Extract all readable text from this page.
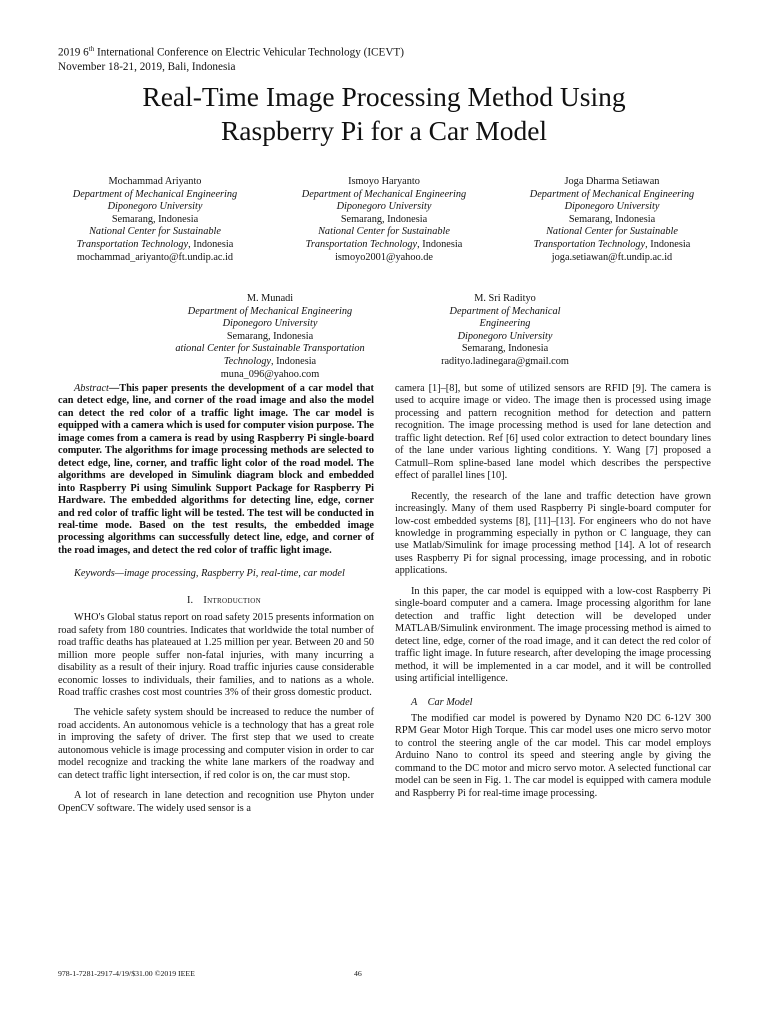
2019 6th International Conference on Electric Vehicular Technology (ICEVT)
November 18-21, 2019, Bali, Indonesia
Real-Time Image Processing Method Using
Raspberry Pi for a Car Model
Mochammad Ariyanto
Department of Mechanical Engineering
Diponegoro University
Semarang, Indonesia
National Center for Sustainable
Transportation Technology, Indonesia
mochammad_ariyanto@ft.undip.ac.id
Ismoyo Haryanto
Department of Mechanical Engineering
Diponegoro University
Semarang, Indonesia
National Center for Sustainable
Transportation Technology, Indonesia
ismoyo2001@yahoo.de
Joga Dharma Setiawan
Department of Mechanical Engineering
Diponegoro University
Semarang, Indonesia
National Center for Sustainable
Transportation Technology, Indonesia
joga.setiawan@ft.undip.ac.id
M. Munadi
Department of Mechanical Engineering
Diponegoro University
Semarang, Indonesia
ational Center for Sustainable Transportation
Technology, Indonesia
muna_096@yahoo.com
M. Sri Radityo
Department of Mechanical
Engineering
Diponegoro University
Semarang, Indonesia
radityo.ladinegara@gmail.com

Abstract—This paper presents the development of a car model that can detect edge, line, and corner of the road image and also the model can detect the red color of a traffic light image. The car model is equipped with a camera which is used for computer vision purpose. The image comes from a camera is read by using Raspberry Pi single-board computer. The algorithms for image processing methods are selected to detect edge, line, corner, and traffic light color of the road model. The algorithms are developed in Simulink diagram block and embedded into Raspberry Pi using Simulink Support Package for Raspberry Pi Hardware. The embedded algorithms for detecting line, edge, corner and red color of traffic light will be tested. The test will be conducted in real-time mode. Based on the test results, the embedded image processing algorithms can successfully detect line, edge, and corner of the road images, and detect the red color of traffic light image.

Keywords—image processing, Raspberry Pi, real-time, car model

I. Introduction

WHO's Global status report on road safety 2015 presents information on road safety from 180 countries. Indicates that worldwide the total number of road traffic deaths has plateaued at 1.25 million per year. Between 20 and 50 million more people suffer non-fatal injuries, with many incurring a disability as a result of their injury. Road traffic injuries cause considerable economic losses to individuals, their families, and to nations as a whole. Road traffic crashes cost most countries 3% of their gross domestic product.

The vehicle safety system should be increased to reduce the number of road accidents. An autonomous vehicle is a technology that has a great role in improving the safety of driver. The first step that we used to create autonomous vehicle is image processing and computer vision in order to car model recognize and tracking the white lane markers of the roadway and can detect traffic light intersection, if red color is on, the car must stop.

A lot of research in lane detection and recognition use Phyton under OpenCV software. The widely used sensor is a

camera [1]–[8], but some of utilized sensors are RFID [9]. The camera is used to acquire image or video. The image then is processed using image processing and pattern recognition method for detection and pattern recognition. The image processing method is used for lane detection and traffic light detection. Ref [6] used color extraction to detect boundary lines of the lane under various lighting conditions. Y. Wang [7] proposed a Catmull–Rom spline-based lane model which describes the perspective effect of parallel lines [10].

Recently, the research of the lane and traffic detection have grown increasingly. Many of them used Raspberry Pi single-board computer for low-cost embedded systems [8], [11]–[13]. For engineers who do not have knowledge in programming especially in python or C language, they can use Matlab/Simulink for image processing method [14]. A lot of research uses Raspberry Pi for signal processing, image processing, and in robotic applications.

In this paper, the car model is equipped with a low-cost Raspberry Pi single-board computer and a camera. Image processing algorithm for lane detection and traffic light detection will be developed under MATLAB/Simulink environment. The image processing method is aimed to detect line, edge, corner of the road image, and it can detect the red color of traffic light image. In future research, after developing the image processing method, it will be implemented in a car model, and it will be controlled using artificial intelligence.

A Car Model

The modified car model is powered by Dynamo N20 DC 6-12V 300 RPM Gear Motor High Torque. This car model uses one micro servo motor to control the steering angle of the car model. This car model employs Arduino Nano to control its speed and steering angle by giving the command to the DC motor and micro servo motor. A selected functional car model can be seen in Fig. 1. The car model is equipped with camera module and Raspberry Pi for real-time image processing.

978-1-7281-2917-4/19/$31.00 ©2019 IEEE	46
